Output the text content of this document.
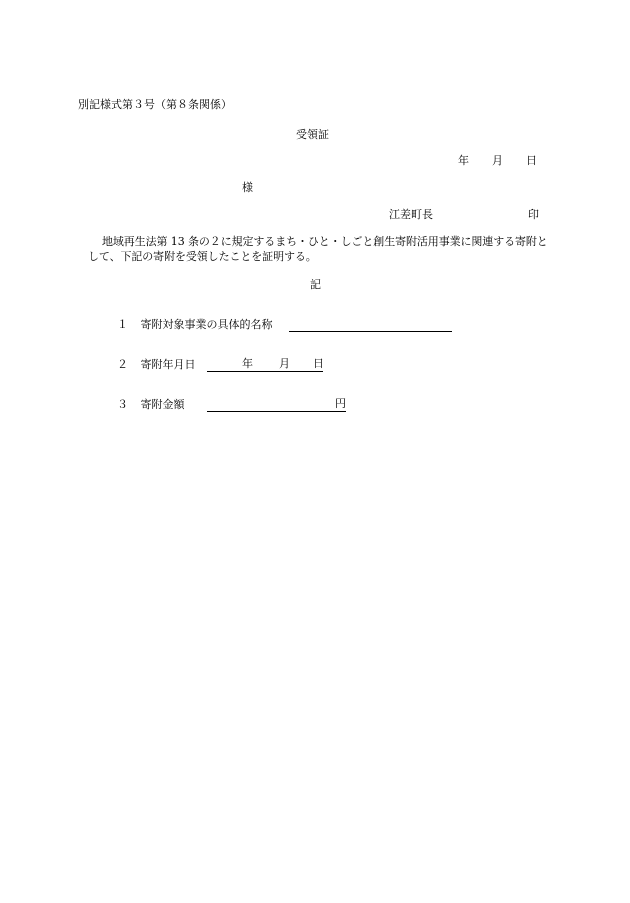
別記様式第３号（第８条関係）
受領証
年 月 日
様
江差町長	印
地域再生法第 13 条の２に規定するまち・ひと・しごと創生寄附活用事業に関連する寄附として、下記の寄附を受領したことを証明する。
記
１ 寄附対象事業の具体的名称
２ 寄附年月日	年 月 日
３ 寄附金額	円
